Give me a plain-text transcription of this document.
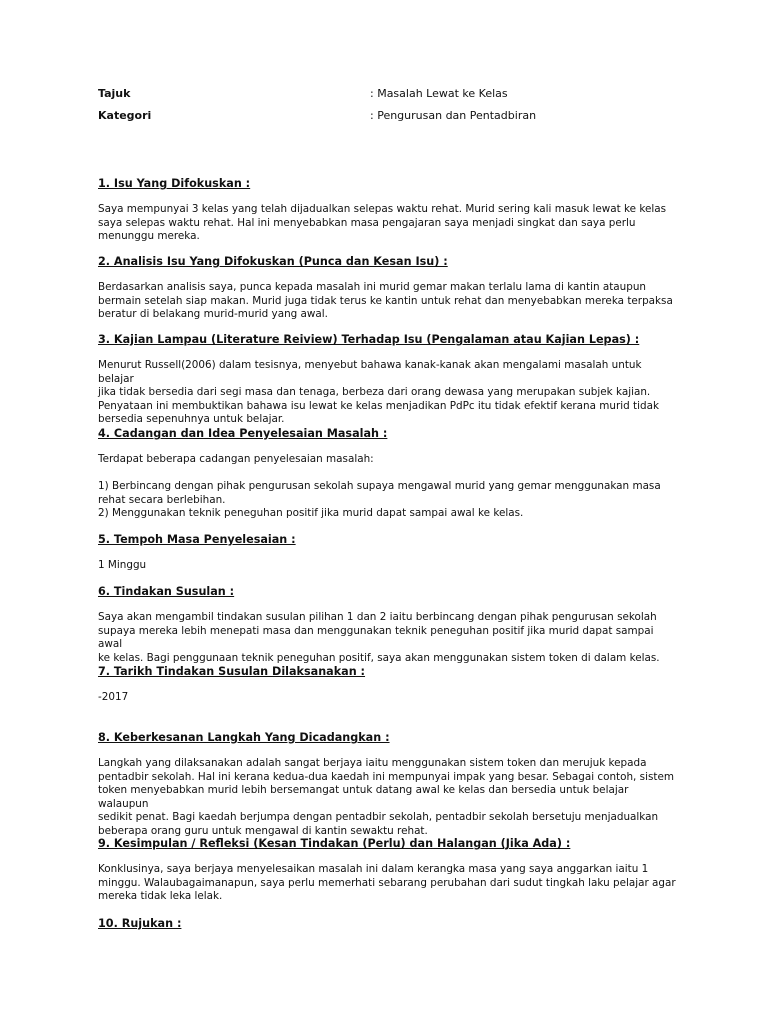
Tajuk	: Masalah Lewat ke Kelas
Kategori	: Pengurusan dan Pentadbiran

1. Isu Yang Difokuskan :

Saya mempunyai 3 kelas yang telah dijadualkan selepas waktu rehat. Murid sering kali masuk lewat ke kelas
saya selepas waktu rehat. Hal ini menyebabkan masa pengajaran saya menjadi singkat dan saya perlu
menunggu mereka.

2. Analisis Isu Yang Difokuskan (Punca dan Kesan Isu) :

Berdasarkan analisis saya, punca kepada masalah ini murid gemar makan terlalu lama di kantin ataupun
bermain setelah siap makan. Murid juga tidak terus ke kantin untuk rehat dan menyebabkan mereka terpaksa
beratur di belakang murid-murid yang awal.

3. Kajian Lampau (Literature Reiview) Terhadap Isu (Pengalaman atau Kajian Lepas) :

Menurut Russell(2006) dalam tesisnya, menyebut bahawa kanak-kanak akan mengalami masalah untuk belajar
jika tidak bersedia dari segi masa dan tenaga, berbeza dari orang dewasa yang merupakan subjek kajian.
Penyataan ini membuktikan bahawa isu lewat ke kelas menjadikan PdPc itu tidak efektif kerana murid tidak
bersedia sepenuhnya untuk belajar.

4. Cadangan dan Idea Penyelesaian Masalah :

Terdapat beberapa cadangan penyelesaian masalah:

1) Berbincang dengan pihak pengurusan sekolah supaya mengawal murid yang gemar menggunakan masa
rehat secara berlebihan.
2) Menggunakan teknik peneguhan positif jika murid dapat sampai awal ke kelas.

5. Tempoh Masa Penyelesaian :

1 Minggu

6. Tindakan Susulan :

Saya akan mengambil tindakan susulan pilihan 1 dan 2 iaitu berbincang dengan pihak pengurusan sekolah
supaya mereka lebih menepati masa dan menggunakan teknik peneguhan positif jika murid dapat sampai awal
ke kelas. Bagi penggunaan teknik peneguhan positif, saya akan menggunakan sistem token di dalam kelas.

7. Tarikh Tindakan Susulan Dilaksanakan :

-2017

8. Keberkesanan Langkah Yang Dicadangkan :

Langkah yang dilaksanakan adalah sangat berjaya iaitu menggunakan sistem token dan merujuk kepada
pentadbir sekolah. Hal ini kerana kedua-dua kaedah ini mempunyai impak yang besar. Sebagai contoh, sistem
token menyebabkan murid lebih bersemangat untuk datang awal ke kelas dan bersedia untuk belajar walaupun
sedikit penat. Bagi kaedah berjumpa dengan pentadbir sekolah, pentadbir sekolah bersetuju menjadualkan
beberapa orang guru untuk mengawal di kantin sewaktu rehat.

9. Kesimpulan / Refleksi (Kesan Tindakan (Perlu) dan Halangan (Jika Ada) :

Konklusinya, saya berjaya menyelesaikan masalah ini dalam kerangka masa yang saya anggarkan iaitu 1
minggu. Walaubagaimanapun, saya perlu memerhati sebarang perubahan dari sudut tingkah laku pelajar agar
mereka tidak leka lelak.

10. Rujukan :
